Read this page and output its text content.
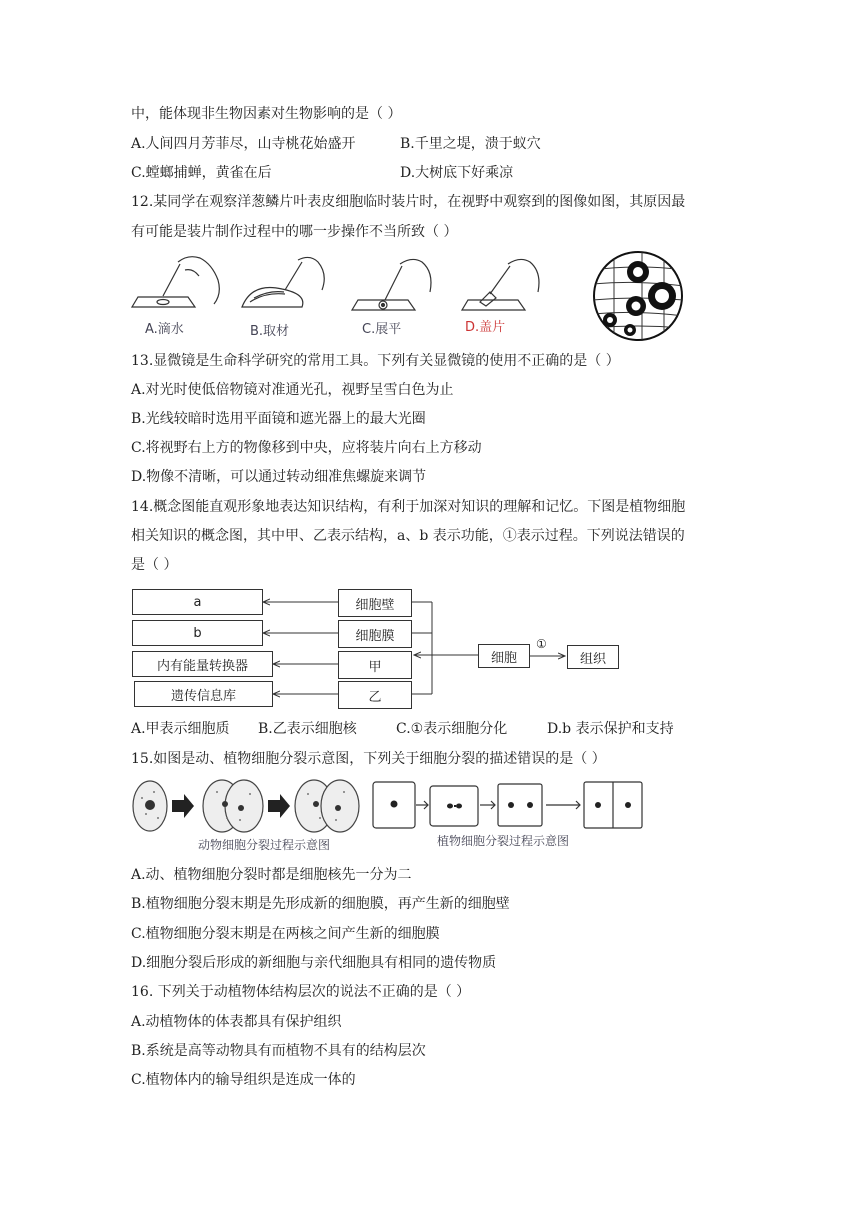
中，能体现非生物因素对生物影响的是（ ）
A.人间四月芳菲尽，山寺桃花始盛开	B.千里之堤，溃于蚁穴
C.螳螂捕蝉，黄雀在后	D.大树底下好乘凉
12.某同学在观察洋葱鳞片叶表皮细胞临时装片时，在视野中观察到的图像如图，其原因最
有可能是装片制作过程中的哪一步操作不当所致（ ）
A.滴水	B.取材	C.展平	D.盖片
13.显微镜是生命科学研究的常用工具。下列有关显微镜的使用不正确的是（ ）
A.对光时使低倍物镜对准通光孔，视野呈雪白色为止
B.光线较暗时选用平面镜和遮光器上的最大光圈
C.将视野右上方的物像移到中央，应将装片向右上方移动
D.物像不清晰，可以通过转动细准焦螺旋来调节
14.概念图能直观形象地表达知识结构，有利于加深对知识的理解和记忆。下图是植物细胞
相关知识的概念图，其中甲、乙表示结构，a、b 表示功能，①表示过程。下列说法错误的
是（ ）
a
b
内有能量转换器
遗传信息库
细胞壁
细胞膜
甲
乙
细胞
①
组织
A.甲表示细胞质 B.乙表示细胞核	C.①表示细胞分化	D.b 表示保护和支持
15.如图是动、植物细胞分裂示意图，下列关于细胞分裂的描述错误的是（ ）
动物细胞分裂过程示意图	植物细胞分裂过程示意图
A.动、植物细胞分裂时都是细胞核先一分为二
B.植物细胞分裂末期是先形成新的细胞膜，再产生新的细胞壁
C.植物细胞分裂末期是在两核之间产生新的细胞膜
D.细胞分裂后形成的新细胞与亲代细胞具有相同的遗传物质
16. 下列关于动植物体结构层次的说法不正确的是（ ）
A.动植物体的体表都具有保护组织
B.系统是高等动物具有而植物不具有的结构层次
C.植物体内的输导组织是连成一体的
